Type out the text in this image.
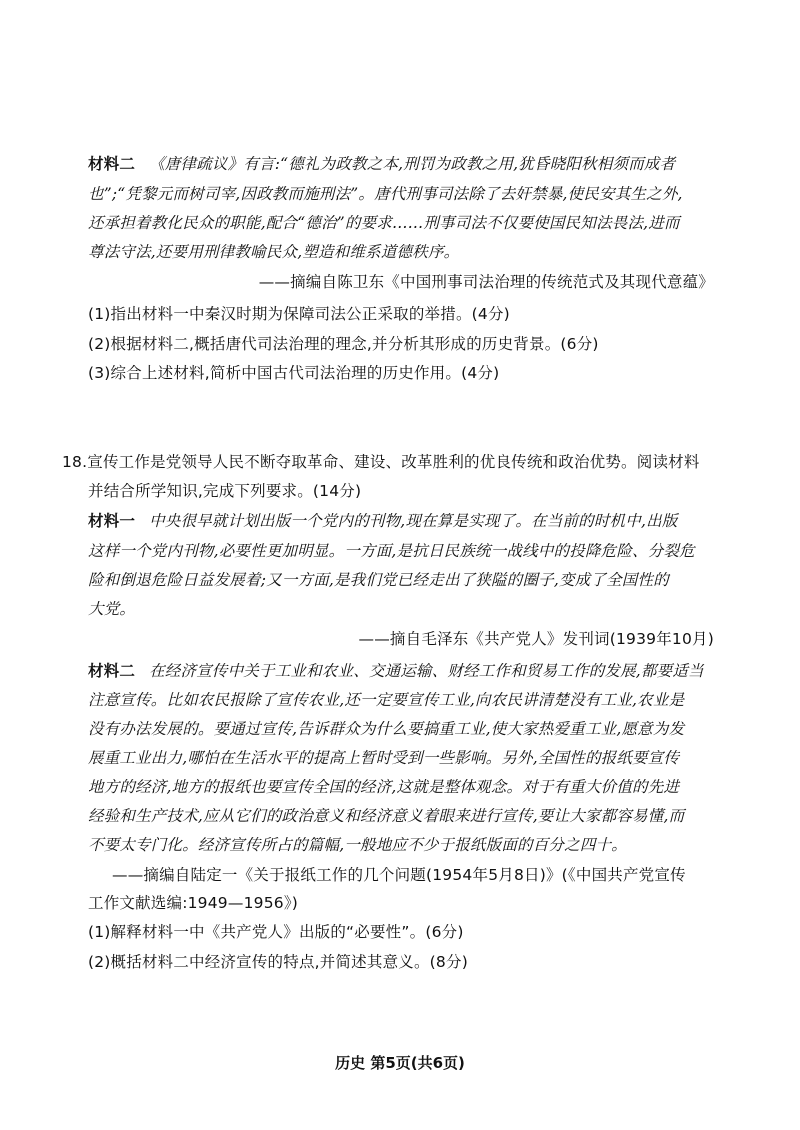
材料二 《唐律疏议》有言:“德礼为政教之本,刑罚为政教之用,犹昏晓阳秋相须而成者
也”;“凭黎元而树司宰,因政教而施刑法”。唐代刑事司法除了去奸禁暴,使民安其生之外,
还承担着教化民众的职能,配合“德治”的要求……刑事司法不仅要使国民知法畏法,进而
尊法守法,还要用刑律教喻民众,塑造和维系道德秩序。
——摘编自陈卫东《中国刑事司法治理的传统范式及其现代意蕴》
(1)指出材料一中秦汉时期为保障司法公正采取的举措。(4分)
(2)根据材料二,概括唐代司法治理的理念,并分析其形成的历史背景。(6分)
(3)综合上述材料,简析中国古代司法治理的历史作用。(4分)
18.宣传工作是党领导人民不断夺取革命、建设、改革胜利的优良传统和政治优势。阅读材料
并结合所学知识,完成下列要求。(14分)
材料一 中央很早就计划出版一个党内的刊物,现在算是实现了。在当前的时机中,出版
这样一个党内刊物,必要性更加明显。一方面,是抗日民族统一战线中的投降危险、分裂危
险和倒退危险日益发展着;又一方面,是我们党已经走出了狭隘的圈子,变成了全国性的
大党。
——摘自毛泽东《共产党人》发刊词(1939年10月)
材料二 在经济宣传中关于工业和农业、交通运输、财经工作和贸易工作的发展,都要适当
注意宣传。比如农民报除了宣传农业,还一定要宣传工业,向农民讲清楚没有工业,农业是
没有办法发展的。要通过宣传,告诉群众为什么要搞重工业,使大家热爱重工业,愿意为发
展重工业出力,哪怕在生活水平的提高上暂时受到一些影响。另外,全国性的报纸要宣传
地方的经济,地方的报纸也要宣传全国的经济,这就是整体观念。对于有重大价值的先进
经验和生产技术,应从它们的政治意义和经济意义着眼来进行宣传,要让大家都容易懂,而
不要太专门化。经济宣传所占的篇幅,一般地应不少于报纸版面的百分之四十。
——摘编自陆定一《关于报纸工作的几个问题(1954年5月8日)》(《中国共产党宣传
工作文献选编:1949—1956》)
(1)解释材料一中《共产党人》出版的“必要性”。(6分)
(2)概括材料二中经济宣传的特点,并简述其意义。(8分)
历史 第5页(共6页)
